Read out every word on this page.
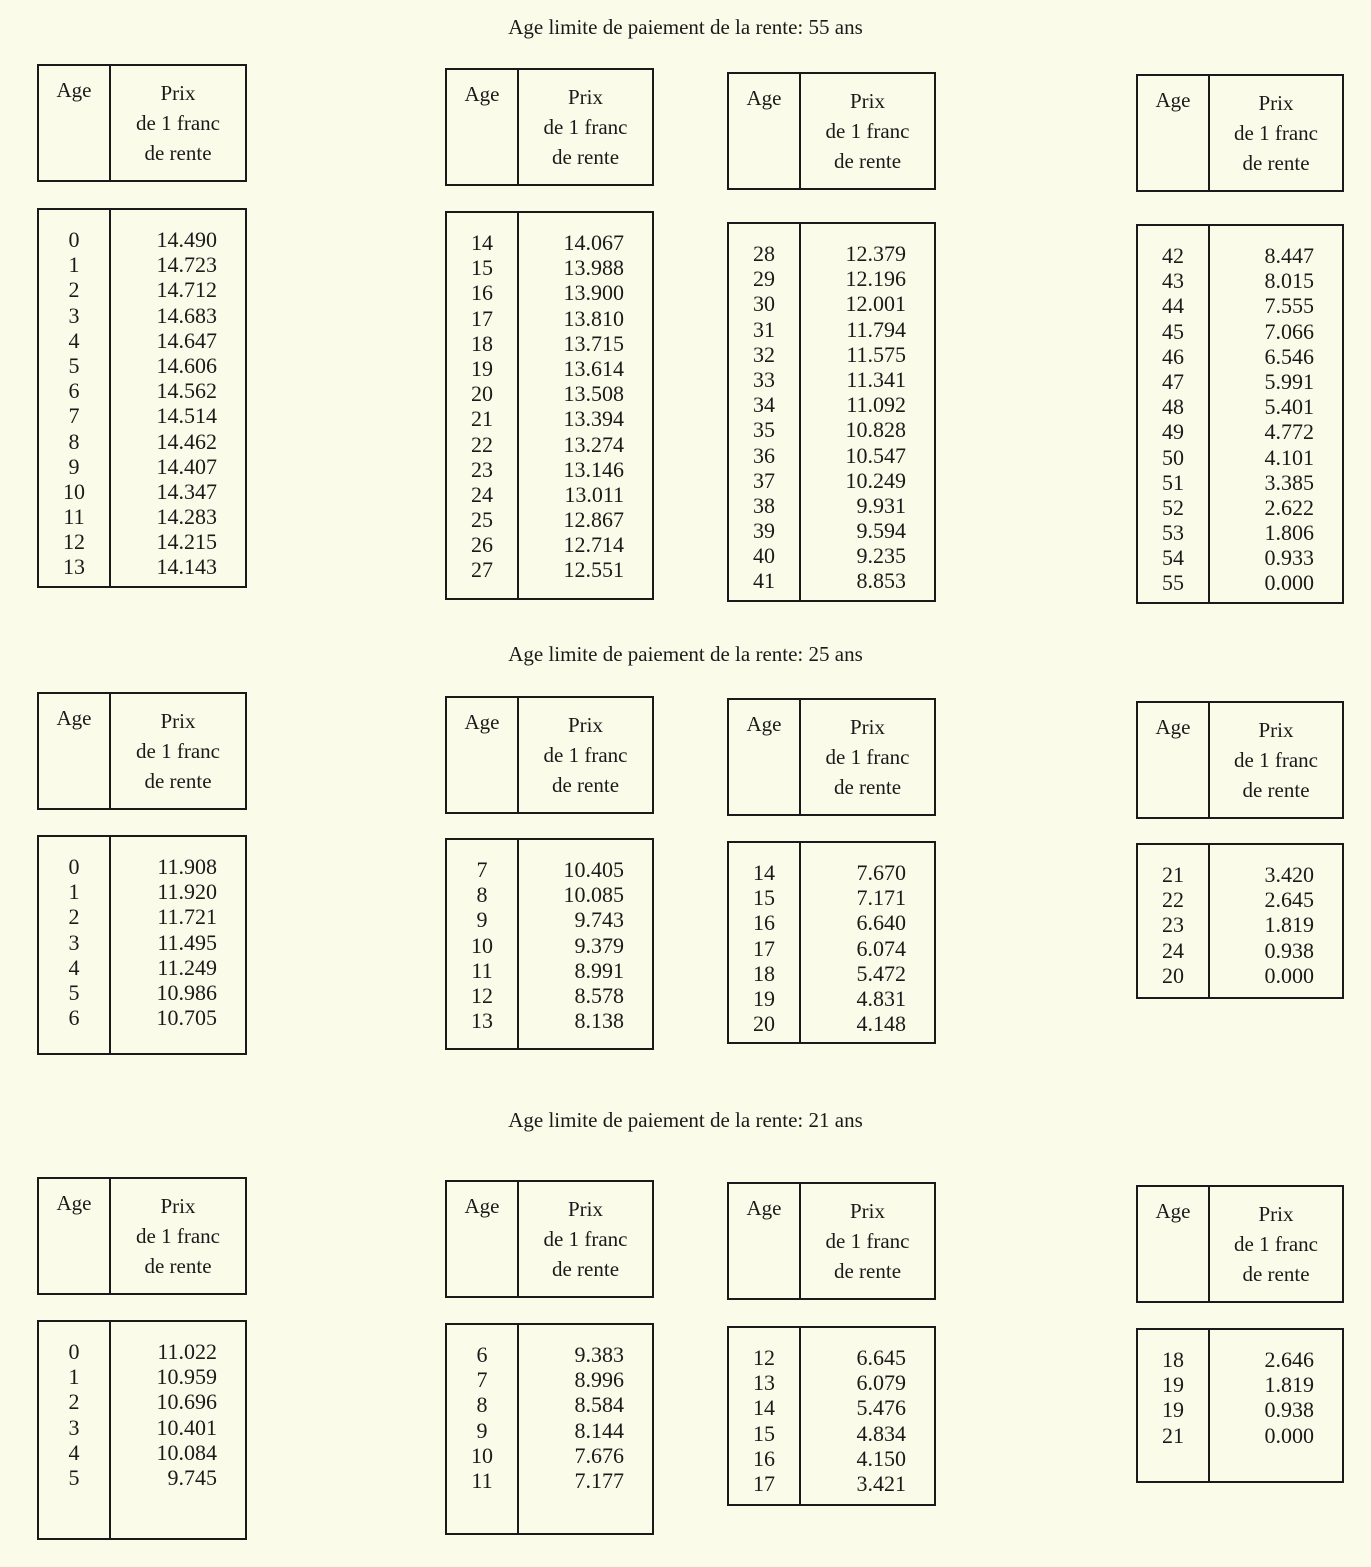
Age limite de paiement de la rente: 55 ans
Age limite de paiement de la rente: 25 ans
Age limite de paiement de la rente: 21 ans
Age	Prix
de 1 franc
de rente
0	14.490
1	14.723
2	14.712
3	14.683
4	14.647
5	14.606
6	14.562
7	14.514
8	14.462
9	14.407
10	14.347
11	14.283
12	14.215
13	14.143
Age	Prix
de 1 franc
de rente
14	14.067
15	13.988
16	13.900
17	13.810
18	13.715
19	13.614
20	13.508
21	13.394
22	13.274
23	13.146
24	13.011
25	12.867
26	12.714
27	12.551
Age	Prix
de 1 franc
de rente
28	12.379
29	12.196
30	12.001
31	11.794
32	11.575
33	11.341
34	11.092
35	10.828
36	10.547
37	10.249
38	9.931
39	9.594
40	9.235
41	8.853
Age	Prix
de 1 franc
de rente
42	8.447
43	8.015
44	7.555
45	7.066
46	6.546
47	5.991
48	5.401
49	4.772
50	4.101
51	3.385
52	2.622
53	1.806
54	0.933
55	0.000
Age	Prix
de 1 franc
de rente
0	11.908
1	11.920
2	11.721
3	11.495
4	11.249
5	10.986
6	10.705
Age	Prix
de 1 franc
de rente
7	10.405
8	10.085
9	9.743
10	9.379
11	8.991
12	8.578
13	8.138
Age	Prix
de 1 franc
de rente
14	7.670
15	7.171
16	6.640
17	6.074
18	5.472
19	4.831
20	4.148
Age	Prix
de 1 franc
de rente
21	3.420
22	2.645
23	1.819
24	0.938
20	0.000
Age	Prix
de 1 franc
de rente
0	11.022
1	10.959
2	10.696
3	10.401
4	10.084
5	9.745
Age	Prix
de 1 franc
de rente
6	9.383
7	8.996
8	8.584
9	8.144
10	7.676
11	7.177
Age	Prix
de 1 franc
de rente
12	6.645
13	6.079
14	5.476
15	4.834
16	4.150
17	3.421
Age	Prix
de 1 franc
de rente
18	2.646
19	1.819
19	0.938
21	0.000
